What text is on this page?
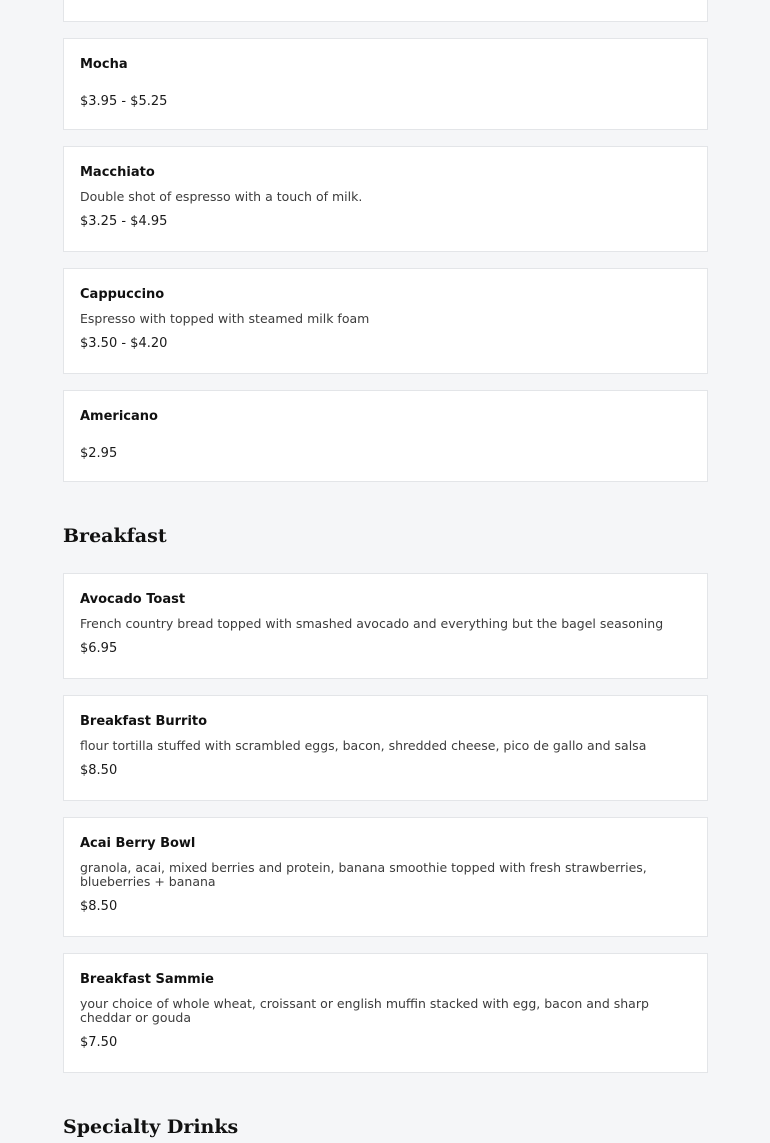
Mocha
$3.95 - $5.25
Macchiato
Double shot of espresso with a touch of milk.
$3.25 - $4.95
Cappuccino
Espresso with topped with steamed milk foam
$3.50 - $4.20
Americano
$2.95
Breakfast
Avocado Toast
French country bread topped with smashed avocado and everything but the bagel seasoning
$6.95
Breakfast Burrito
flour tortilla stuffed with scrambled eggs, bacon, shredded cheese, pico de gallo and salsa
$8.50
Acai Berry Bowl
granola, acai, mixed berries and protein, banana smoothie topped with fresh strawberries, blueberries + banana
$8.50
Breakfast Sammie
your choice of whole wheat, croissant or english muffin stacked with egg, bacon and sharp cheddar or gouda
$7.50
Specialty Drinks
